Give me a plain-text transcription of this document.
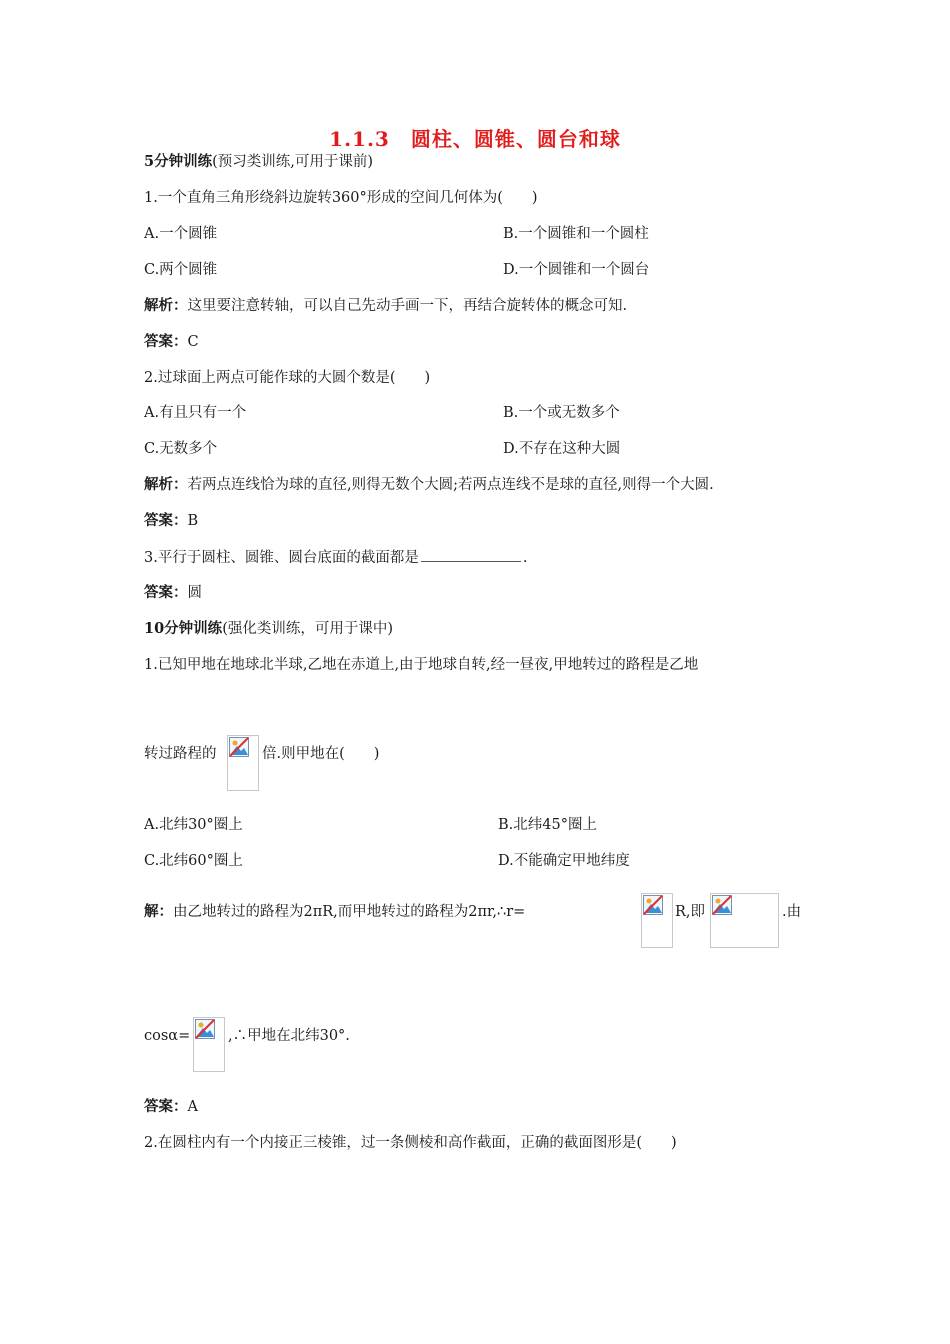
1.1.3　圆柱、圆锥、圆台和球
5分钟训练(预习类训练,可用于课前)
1.一个直角三角形绕斜边旋转360°形成的空间几何体为(　　)
A.一个圆锥	B.一个圆锥和一个圆柱
C.两个圆锥	D.一个圆锥和一个圆台
解析：这里要注意转轴，可以自己先动手画一下，再结合旋转体的概念可知.
答案：C
2.过球面上两点可能作球的大圆个数是(　　)
A.有且只有一个	B.一个或无数多个
C.无数多个	D.不存在这种大圆
解析：若两点连线恰为球的直径,则得无数个大圆;若两点连线不是球的直径,则得一个大圆.
答案：B
3.平行于圆柱、圆锥、圆台底面的截面都是	.
答案：圆
10分钟训练(强化类训练，可用于课中)
1.已知甲地在地球北半球,乙地在赤道上,由于地球自转,经一昼夜,甲地转过的路程是乙地
转过路程的	倍.则甲地在(　　)
A.北纬30°圈上	B.北纬45°圈上
C.北纬60°圈上	D.不能确定甲地纬度
解：由乙地转过的路程为2πR,而甲地转过的路程为2πr,∴r=	R,即	.由
cosα=	,∴甲地在北纬30°.
答案：A
2.在圆柱内有一个内接正三棱锥，过一条侧棱和高作截面，正确的截面图形是(　　)
